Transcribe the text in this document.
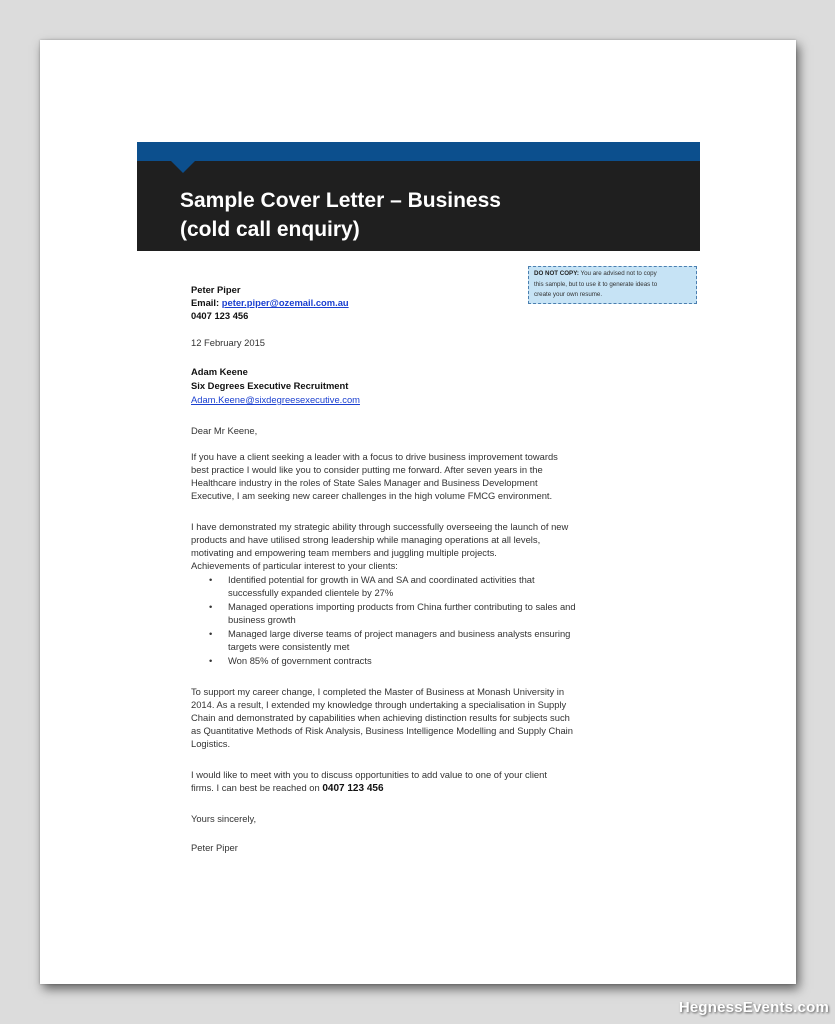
Sample Cover Letter – Business
(cold call enquiry)
DO NOT COPY: You are advised not to copy
this sample, but to use it to generate ideas to
create your own resume.
Peter Piper
Email: peter.piper@ozemail.com.au
0407 123 456
12 February 2015
Adam Keene
Six Degrees Executive Recruitment
Adam.Keene@sixdegreesexecutive.com
Dear Mr Keene,
If you have a client seeking a leader with a focus to drive business improvement towards
best practice I would like you to consider putting me forward. After seven years in the
Healthcare industry in the roles of State Sales Manager and Business Development
Executive, I am seeking new career challenges in the high volume FMCG environment.
I have demonstrated my strategic ability through successfully overseeing the launch of new
products and have utilised strong leadership while managing operations at all levels,
motivating and empowering team members and juggling multiple projects.
Achievements of particular interest to your clients:
• Identified potential for growth in WA and SA and coordinated activities that
successfully expanded clientele by 27%
• Managed operations importing products from China further contributing to sales and
business growth
• Managed large diverse teams of project managers and business analysts ensuring
targets were consistently met
• Won 85% of government contracts
To support my career change, I completed the Master of Business at Monash University in
2014. As a result, I extended my knowledge through undertaking a specialisation in Supply
Chain and demonstrated by capabilities when achieving distinction results for subjects such
as Quantitative Methods of Risk Analysis, Business Intelligence Modelling and Supply Chain
Logistics.
I would like to meet with you to discuss opportunities to add value to one of your client
firms. I can best be reached on 0407 123 456
Yours sincerely,
Peter Piper
HegnessEvents.com
